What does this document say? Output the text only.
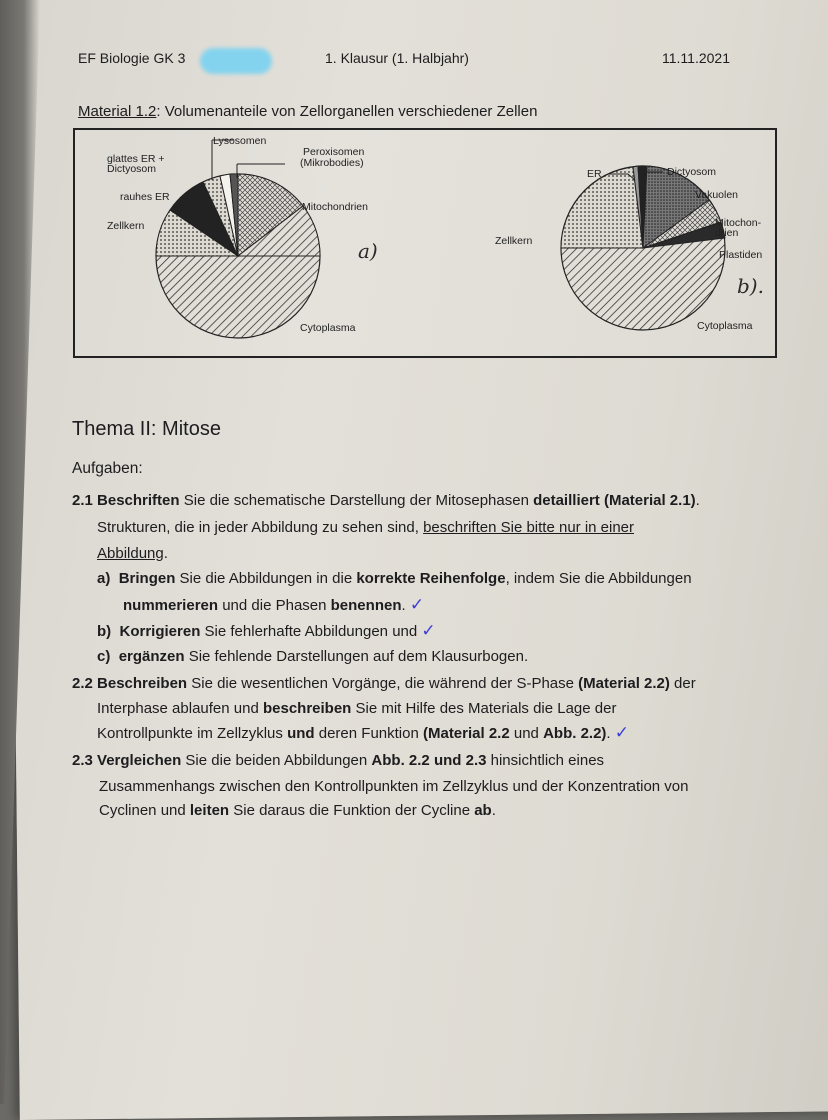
EF Biologie GK 3	1. Klausur (1. Halbjahr)	11.11.2021
Material 1.2: Volumenanteile von Zellorganellen verschiedener Zellen
Lysosomen
Peroxisomen
(Mikrobodies)
glattes ER +
Dictyosom
rauhes ER
Zellkern
Mitochondrien
Cytoplasma
a)
ER	Dictyosom
Vakuolen
Mitochon-
drien
Plastiden
Zellkern
Cytoplasma
b).
Thema II: Mitose
Aufgaben:
2.1 Beschriften Sie die schematische Darstellung der Mitosephasen detailliert (Material 2.1).
Strukturen, die in jeder Abbildung zu sehen sind, beschriften Sie bitte nur in einer
Abbildung.
a) Bringen Sie die Abbildungen in die korrekte Reihenfolge, indem Sie die Abbildungen
nummerieren und die Phasen benennen. ✓
b) Korrigieren Sie fehlerhafte Abbildungen und ✓
c) ergänzen Sie fehlende Darstellungen auf dem Klausurbogen.
2.2 Beschreiben Sie die wesentlichen Vorgänge, die während der S-Phase (Material 2.2) der
Interphase ablaufen und beschreiben Sie mit Hilfe des Materials die Lage der
Kontrollpunkte im Zellzyklus und deren Funktion (Material 2.2 und Abb. 2.2). ✓
2.3 Vergleichen Sie die beiden Abbildungen Abb. 2.2 und 2.3 hinsichtlich eines
Zusammenhangs zwischen den Kontrollpunkten im Zellzyklus und der Konzentration von
Cyclinen und leiten Sie daraus die Funktion der Cycline ab.
